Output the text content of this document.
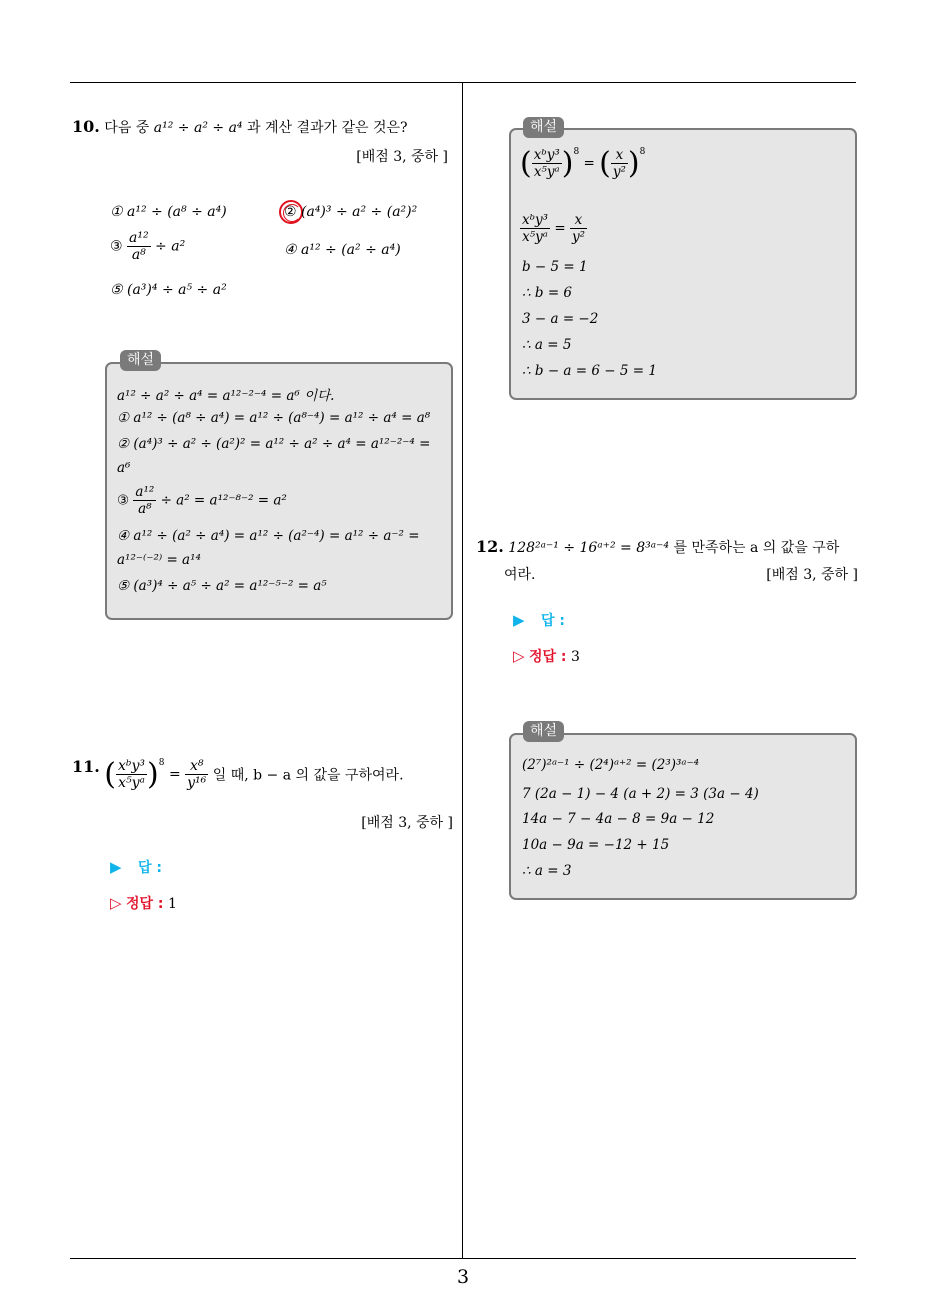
10. 다음 중 a¹² ÷ a² ÷ a⁴ 과 계산 결과가 같은 것은?
[배점 3, 중하 ]
① a¹² ÷ (a⁸ ÷ a⁴)	② (a⁴)³ ÷ a² ÷ (a²)²
③ $\frac{\text{a¹²}}{\text{a⁸}} \div a^2$	④ a¹² ÷ (a² ÷ a⁴)
⑤ (a³)⁴ ÷ a⁵ ÷ a²
해설
a¹² ÷ a² ÷ a⁴ = a¹²⁻²⁻⁴ = a⁶ 이다.
① a¹² ÷ (a⁸ ÷ a⁴) = a¹² ÷ (a⁸⁻⁴) = a¹² ÷ a⁴ = a⁸
② (a⁴)³ ÷ a² ÷ (a²)² = a¹² ÷ a² ÷ a⁴ = a¹²⁻²⁻⁴ =
a⁶
③ $\frac{\text{a¹²}}{\text{a⁸}} \div a^2 = a^{12-8-2} = a^2$
④ a¹² ÷ (a² ÷ a⁴) = a¹² ÷ (a²⁻⁴) = a¹² ÷ a⁻² =
a¹²⁻⁽⁻²⁾ = a¹⁴
⑤ (a³)⁴ ÷ a⁵ ÷ a² = a¹²⁻⁵⁻² = a⁵
11. ( $\frac{\text{xᵇy³}}{\text{x⁵yᵃ}} )^8 = \frac{\text{x⁸}}{\text{y¹⁶}}$ 일 때, b − a 의 값을 구하여라.
[배점 3, 중하 ]
▶ 답 :
▷ 정답 : 1
해설
( $\frac{\text{xᵇy³}}{\text{x⁵yᵃ}} )^8$ = ( $\frac{x}{\text{y²}} )^8$
$\frac{\text{xᵇy³}}{\text{x⁵yᵃ}} = \frac{x}{\text{y²}}$
b − 5 = 1
∴ b = 6
3 − a = −2
∴ a = 5
∴ b − a = 6 − 5 = 1
12. 128²ᵃ⁻¹ ÷ 16ᵃ⁺² = 8³ᵃ⁻⁴ 를 만족하는 a 의 값을 구하
여라.	[배점 3, 중하 ]
▶ 답 :
▷ 정답 : 3
해설
(2⁷)²ᵃ⁻¹ ÷ (2⁴)ᵃ⁺² = (2³)³ᵃ⁻⁴
7 (2a − 1) − 4 (a + 2) = 3 (3a − 4)
14a − 7 − 4a − 8 = 9a − 12
10a − 9a = −12 + 15
∴ a = 3
3
